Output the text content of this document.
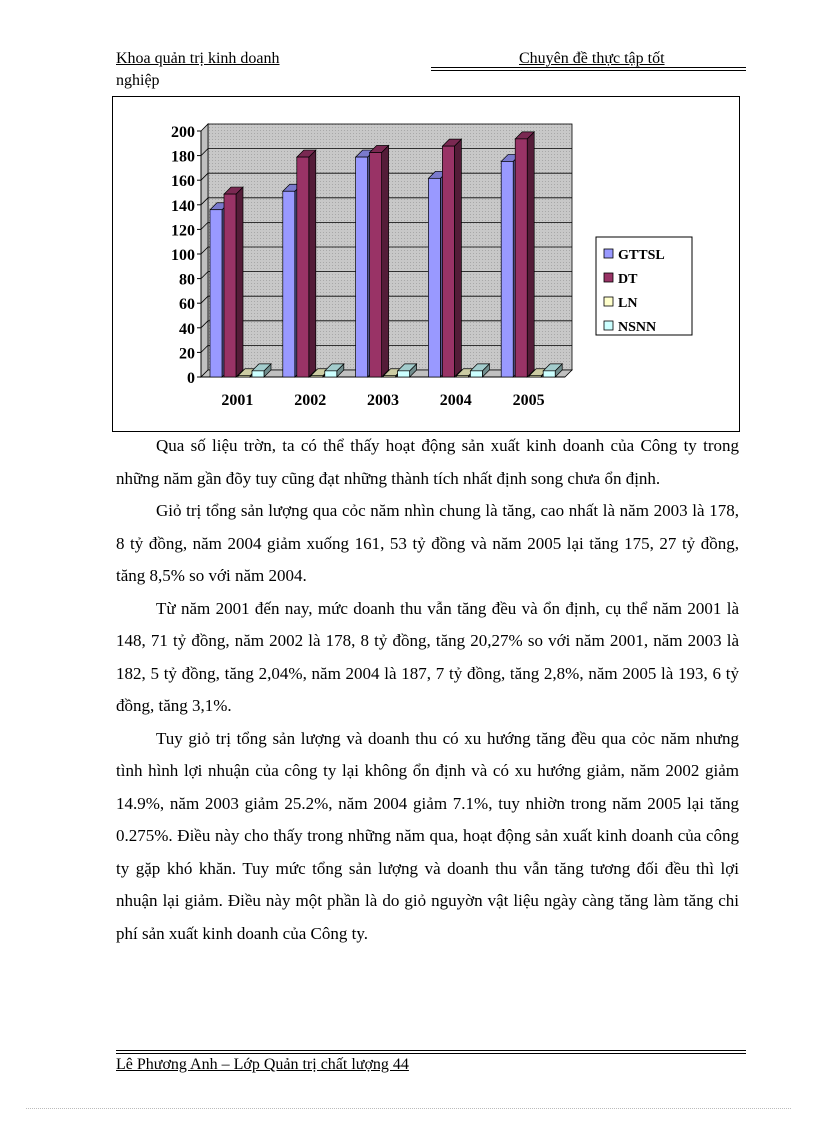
Khoa quản trị kinh doanh	Chuyên đề thực tập tốt
nghiệp
200
180
160
140
120
100
80
60
40
20
0
2001	2002	2003	2004	2005
GTTSL
DT
LN
NSNN

Qua số liệu trờn, ta có thể thấy hoạt động sản xuất kinh doanh của Công ty trong những năm gần đõy tuy cũng đạt những thành tích nhất định song chưa ổn định.

Giỏ trị tổng sản lượng qua cỏc năm nhìn chung là tăng, cao nhất là năm 2003 là 178, 8 tỷ đồng, năm 2004 giảm xuống 161, 53 tỷ đồng và năm 2005 lại tăng 175, 27 tỷ đồng, tăng 8,5% so với năm 2004.

Từ năm 2001 đến nay, mức doanh thu vẫn tăng đều và ổn định, cụ thể năm 2001 là 148, 71 tỷ đồng, năm 2002 là 178, 8 tỷ đồng, tăng 20,27% so với năm 2001, năm 2003 là 182, 5 tỷ đồng, tăng 2,04%, năm 2004 là 187, 7 tỷ đồng, tăng 2,8%, năm 2005 là 193, 6 tỷ đồng, tăng 3,1%.

Tuy giỏ trị tổng sản lượng và doanh thu có xu hướng tăng đều qua cỏc năm nhưng tình hình lợi nhuận của công ty lại không ổn định và có xu hướng giảm, năm 2002 giảm 14.9%, năm 2003 giảm 25.2%, năm 2004 giảm 7.1%, tuy nhiờn trong năm 2005 lại tăng 0.275%. Điều này cho thấy trong những năm qua, hoạt động sản xuất kinh doanh của công ty gặp khó khăn. Tuy mức tổng sản lượng và doanh thu vẫn tăng tương đối đều thì lợi nhuận lại giảm. Điều này một phần là do giỏ nguyờn vật liệu ngày càng tăng làm tăng chi phí sản xuất kinh doanh của Công ty.

Lê Phương Anh – Lớp Quản trị chất lượng 44
